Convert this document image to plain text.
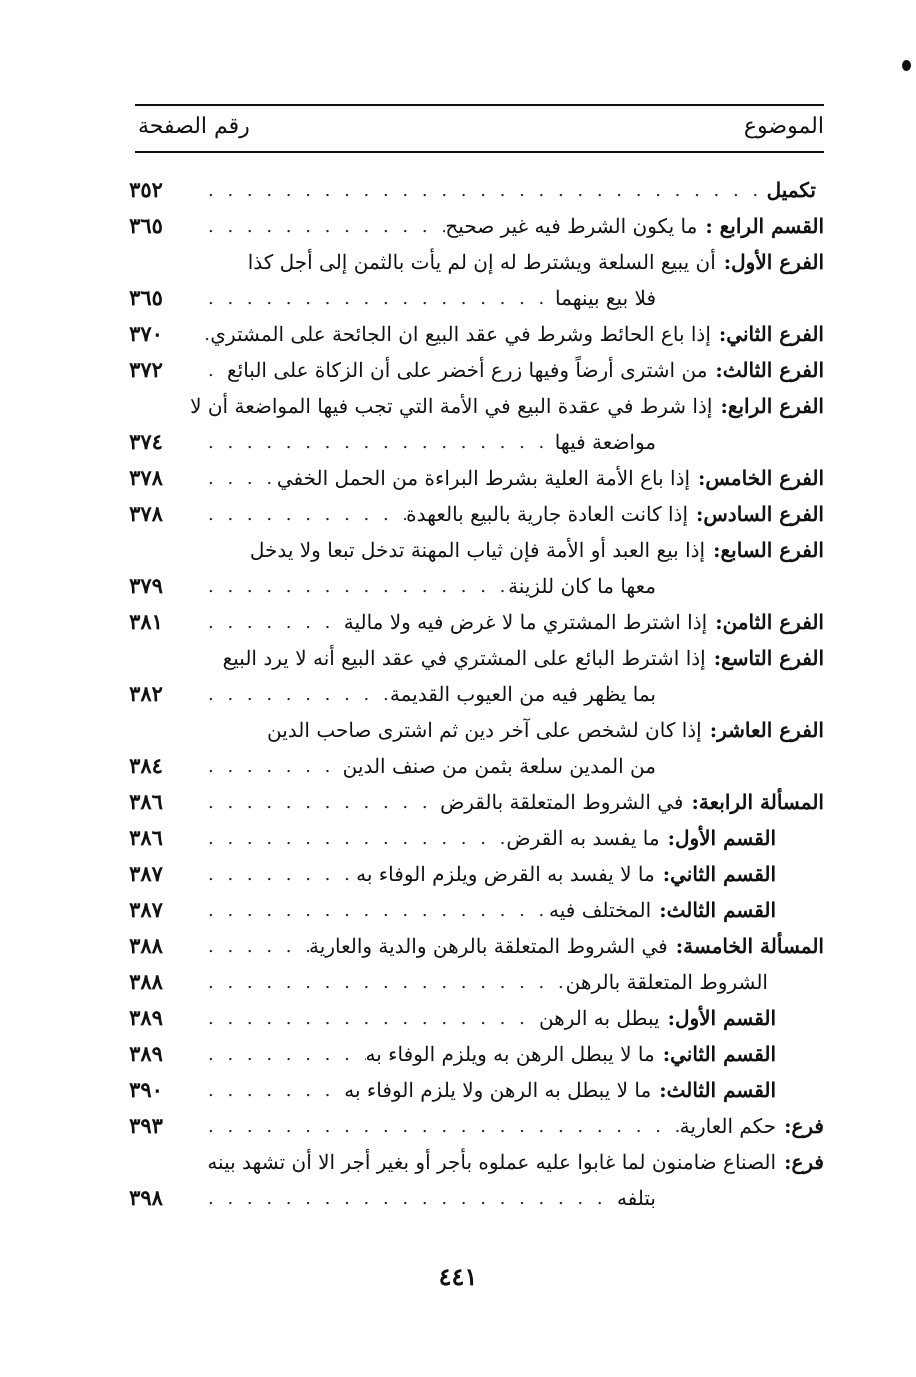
الموضوع
رقم الصفحة
٣٥٢	تكميل
. . .
٣٦٥	القسم الرابع :
ما يكون الشرط فيه غير صحيح
. . .
الفرع الأول:
أن يبيع السلعة ويشترط له إن لم يأت بالثمن إلى أجل كذا
٣٦٥	فلا بيع بينهما
. . .
٣٧٠	الفرع الثاني:
إذا باع الحائط وشرط في عقد البيع ان الجائحة على المشتري
. . .
٣٧٢	الفرع الثالث:
من اشترى أرضاً وفيها زرع أخضر على أن الزكاة على البائع
. . .
الفرع الرابع:
إذا شرط في عقدة البيع في الأمة التي تجب فيها المواضعة أن لا
٣٧٤	مواضعة فيها
. . .
٣٧٨	الفرع الخامس:
إذا باع الأمة العلية بشرط البراءة من الحمل الخفي
. . .
٣٧٨	الفرع السادس:
إذا كانت العادة جارية بالبيع بالعهدة
. . .
الفرع السابع:
إذا بيع العبد أو الأمة فإن ثياب المهنة تدخل تبعا ولا يدخل
٣٧٩	معها ما كان للزينة
. . .
٣٨١	الفرع الثامن:
إذا اشترط المشتري ما لا غرض فيه ولا مالية
. . .
الفرع التاسع:
إذا اشترط البائع على المشتري في عقد البيع أنه لا يرد البيع
٣٨٢	بما يظهر فيه من العيوب القديمة
. . .
الفرع العاشر:
إذا كان لشخص على آخر دين ثم اشترى صاحب الدين
٣٨٤	من المدين سلعة بثمن من صنف الدين
. . .
٣٨٦	المسألة الرابعة:
في الشروط المتعلقة بالقرض
. . .
٣٨٦	القسم الأول:
ما يفسد به القرض
. . .
٣٨٧	القسم الثاني:
ما لا يفسد به القرض ويلزم الوفاء به
. . .
٣٨٧	القسم الثالث:
المختلف فيه
. . .
٣٨٨	المسألة الخامسة:
في الشروط المتعلقة بالرهن والدية والعارية
. . .
٣٨٨	الشروط المتعلقة بالرهن
. . .
٣٨٩	القسم الأول:
يبطل به الرهن
. . .
٣٨٩	القسم الثاني:
ما لا يبطل الرهن به ويلزم الوفاء به
. . .
٣٩٠	القسم الثالث:
ما لا يبطل به الرهن ولا يلزم الوفاء به
. . .
٣٩٣	فرع:
حكم العارية
. . .
فرع:
الصناع ضامنون لما غابوا عليه عملوه بأجر أو بغير أجر الا أن تشهد بينه
٣٩٨	بتلفه
. . .
٤٤١
